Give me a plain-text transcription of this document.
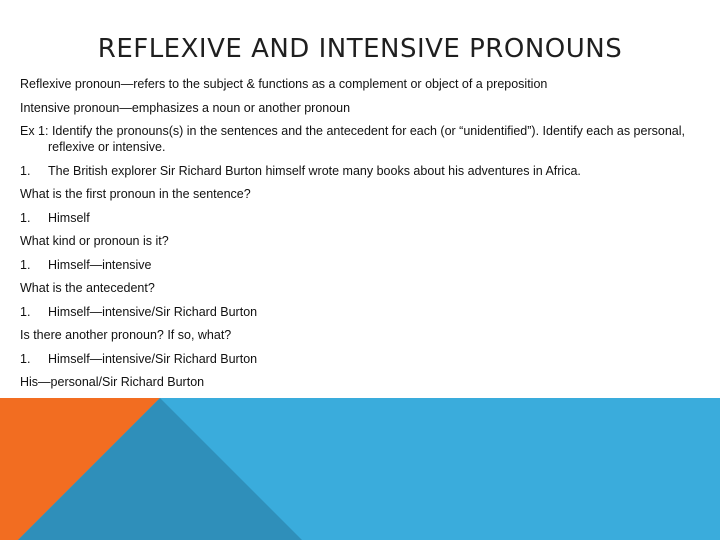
REFLEXIVE AND INTENSIVE PRONOUNS
Reflexive pronoun—refers to the subject & functions as a complement or object of a preposition
Intensive pronoun—emphasizes a noun or another pronoun
Ex 1: Identify the pronouns(s) in the sentences and the antecedent for each (or “unidentified”). Identify each as personal, reflexive or intensive.
1. The British explorer Sir Richard Burton himself wrote many books about his adventures in Africa.
What is the first pronoun in the sentence?
1. Himself
What kind or pronoun is it?
1. Himself—intensive
What is the antecedent?
1. Himself—intensive/Sir Richard Burton
Is there another pronoun? If so, what?
1. Himself—intensive/Sir Richard Burton
His—personal/Sir Richard Burton
